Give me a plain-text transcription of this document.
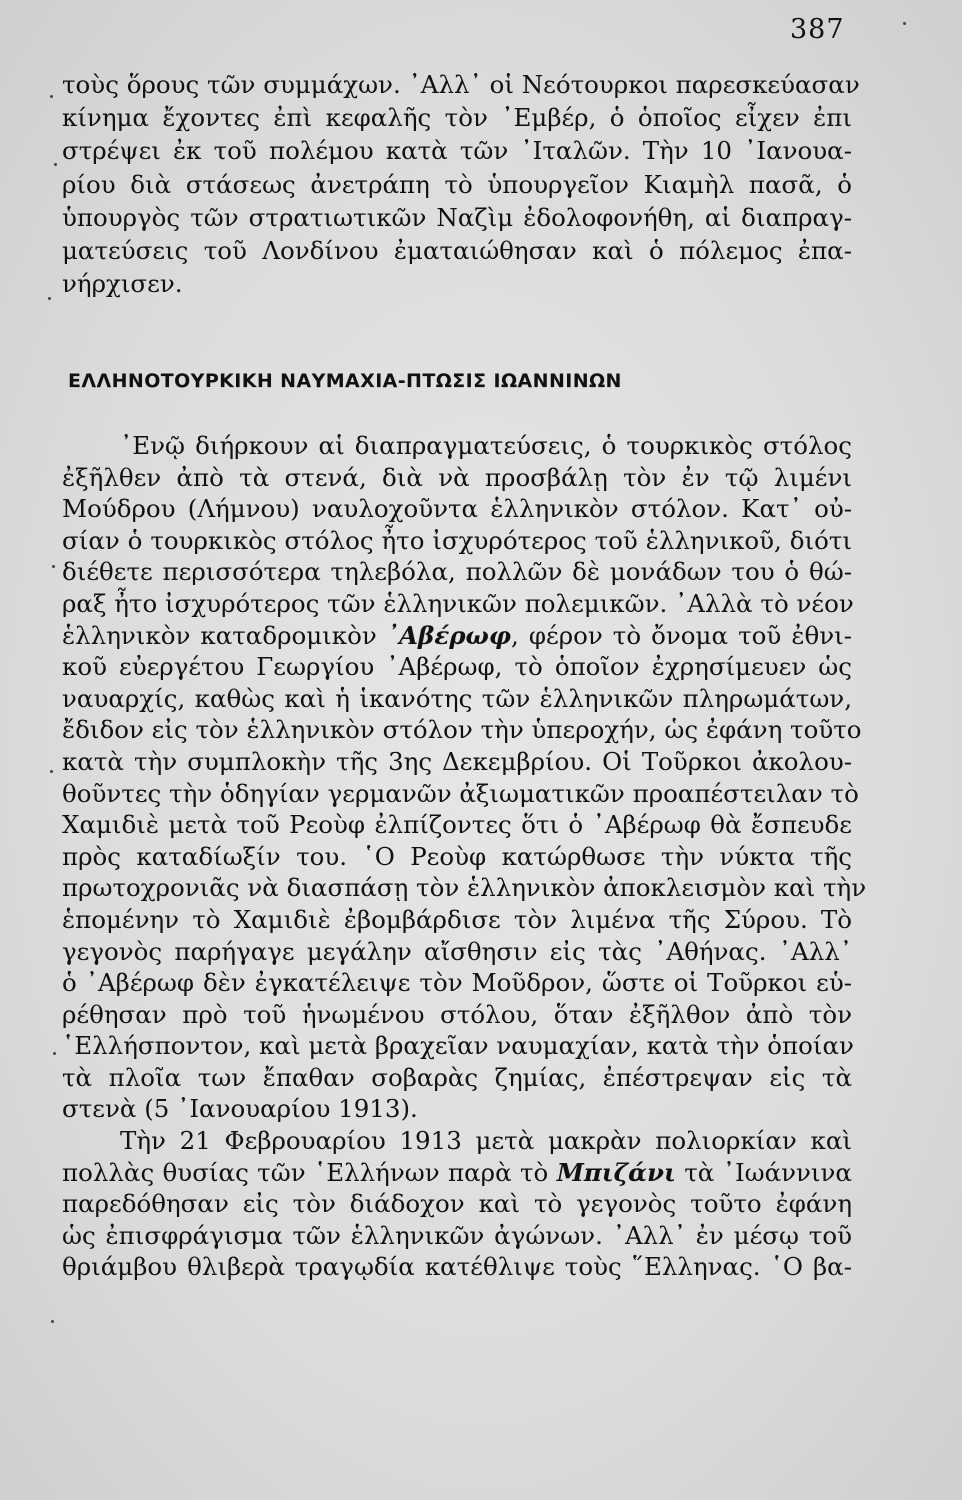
387
τοὺς ὅρους τῶν συμμάχων. ᾿Αλλ᾿ οἱ Νεότουρκοι παρεσκεύασαν
κίνημα ἔχοντες ἐπὶ κεφαλῆς τὸν ᾿Εμβέρ, ὁ ὁποῖος εἶχεν ἐπι
στρέψει ἐκ τοῦ πολέμου κατὰ τῶν ᾿Ιταλῶν. Τὴν 10 ᾿Ιανουα-
ρίου διὰ στάσεως ἀνετράπη τὸ ὑπουργεῖον Κιαμὴλ πασᾶ, ὁ
ὑπουργὸς τῶν στρατιωτικῶν Ναζὶμ ἐδολοφονήθη, αἱ διαπραγ-
ματεύσεις τοῦ Λονδίνου ἐματαιώθησαν καὶ ὁ πόλεμος ἐπα-
νήρχισεν.
ΕΛΛΗΝΟΤΟΥΡΚΙΚΗ ΝΑΥΜΑΧΙΑ-ΠΤΩΣΙΣ ΙΩΑΝΝΙΝΩΝ
᾿Ενῷ διήρκουν αἱ διαπραγματεύσεις, ὁ τουρκικὸς στόλος
ἐξῆλθεν ἀπὸ τὰ στενά, διὰ νὰ προσβάλῃ τὸν ἐν τῷ λιμένι
Μούδρου (Λήμνου) ναυλοχοῦντα ἑλληνικὸν στόλον. Κατ᾿ οὐ-
σίαν ὁ τουρκικὸς στόλος ἦτο ἰσχυρότερος τοῦ ἑλληνικοῦ, διότι
διέθετε περισσότερα τηλεβόλα, πολλῶν δὲ μονάδων του ὁ θώ-
ραξ ἦτο ἰσχυρότερος τῶν ἑλληνικῶν πολεμικῶν. ᾿Αλλὰ τὸ νέον
ἑλληνικὸν καταδρομικὸν ᾿Αβέρωφ, φέρον τὸ ὄνομα τοῦ ἐθνι-
κοῦ εὐεργέτου Γεωργίου ᾿Αβέρωφ, τὸ ὁποῖον ἐχρησίμευεν ὡς
ναυαρχίς, καθὼς καὶ ἡ ἱκανότης τῶν ἑλληνικῶν πληρωμάτων,
ἔδιδον εἰς τὸν ἑλληνικὸν στόλον τὴν ὑπεροχήν, ὡς ἐφάνη τοῦτο
κατὰ τὴν συμπλοκὴν τῆς 3ης Δεκεμβρίου. Οἱ Τοῦρκοι ἀκολου-
θοῦντες τὴν ὁδηγίαν γερμανῶν ἀξιωματικῶν προαπέστειλαν τὸ
Χαμιδιὲ μετὰ τοῦ Ρεοὺφ ἐλπίζοντες ὅτι ὁ ᾿Αβέρωφ θὰ ἔσπευδε
πρὸς καταδίωξίν του. ῾Ο Ρεοὺφ κατώρθωσε τὴν νύκτα τῆς
πρωτοχρονιᾶς νὰ διασπάσῃ τὸν ἑλληνικὸν ἀποκλεισμὸν καὶ τὴν
ἑπομένην τὸ Χαμιδιὲ ἐβομβάρδισε τὸν λιμένα τῆς Σύρου. Τὸ
γεγονὸς παρήγαγε μεγάλην αἴσθησιν εἰς τὰς ᾿Αθήνας. ᾿Αλλ᾿
ὁ ᾿Αβέρωφ δὲν ἐγκατέλειψε τὸν Μοῦδρον, ὥστε οἱ Τοῦρκοι εὑ-
ρέθησαν πρὸ τοῦ ἡνωμένου στόλου, ὅταν ἐξῆλθον ἀπὸ τὸν
῾Ελλήσποντον, καὶ μετὰ βραχεῖαν ναυμαχίαν, κατὰ τὴν ὁποίαν
τὰ πλοῖα των ἔπαθαν σοβαρὰς ζημίας, ἐπέστρεψαν εἰς τὰ
στενὰ (5 ᾿Ιανουαρίου 1913).
Τὴν 21 Φεβρουαρίου 1913 μετὰ μακρὰν πολιορκίαν καὶ
πολλὰς θυσίας τῶν ῾Ελλήνων παρὰ τὸ Μπιζάνι τὰ ᾿Ιωάννινα
παρεδόθησαν εἰς τὸν διάδοχον καὶ τὸ γεγονὸς τοῦτο ἐφάνη
ὡς ἐπισφράγισμα τῶν ἑλληνικῶν ἀγώνων. ᾿Αλλ᾿ ἐν μέσῳ τοῦ
θριάμβου θλιβερὰ τραγῳδία κατέθλιψε τοὺς ῞Ελληνας. ῾Ο βα-
